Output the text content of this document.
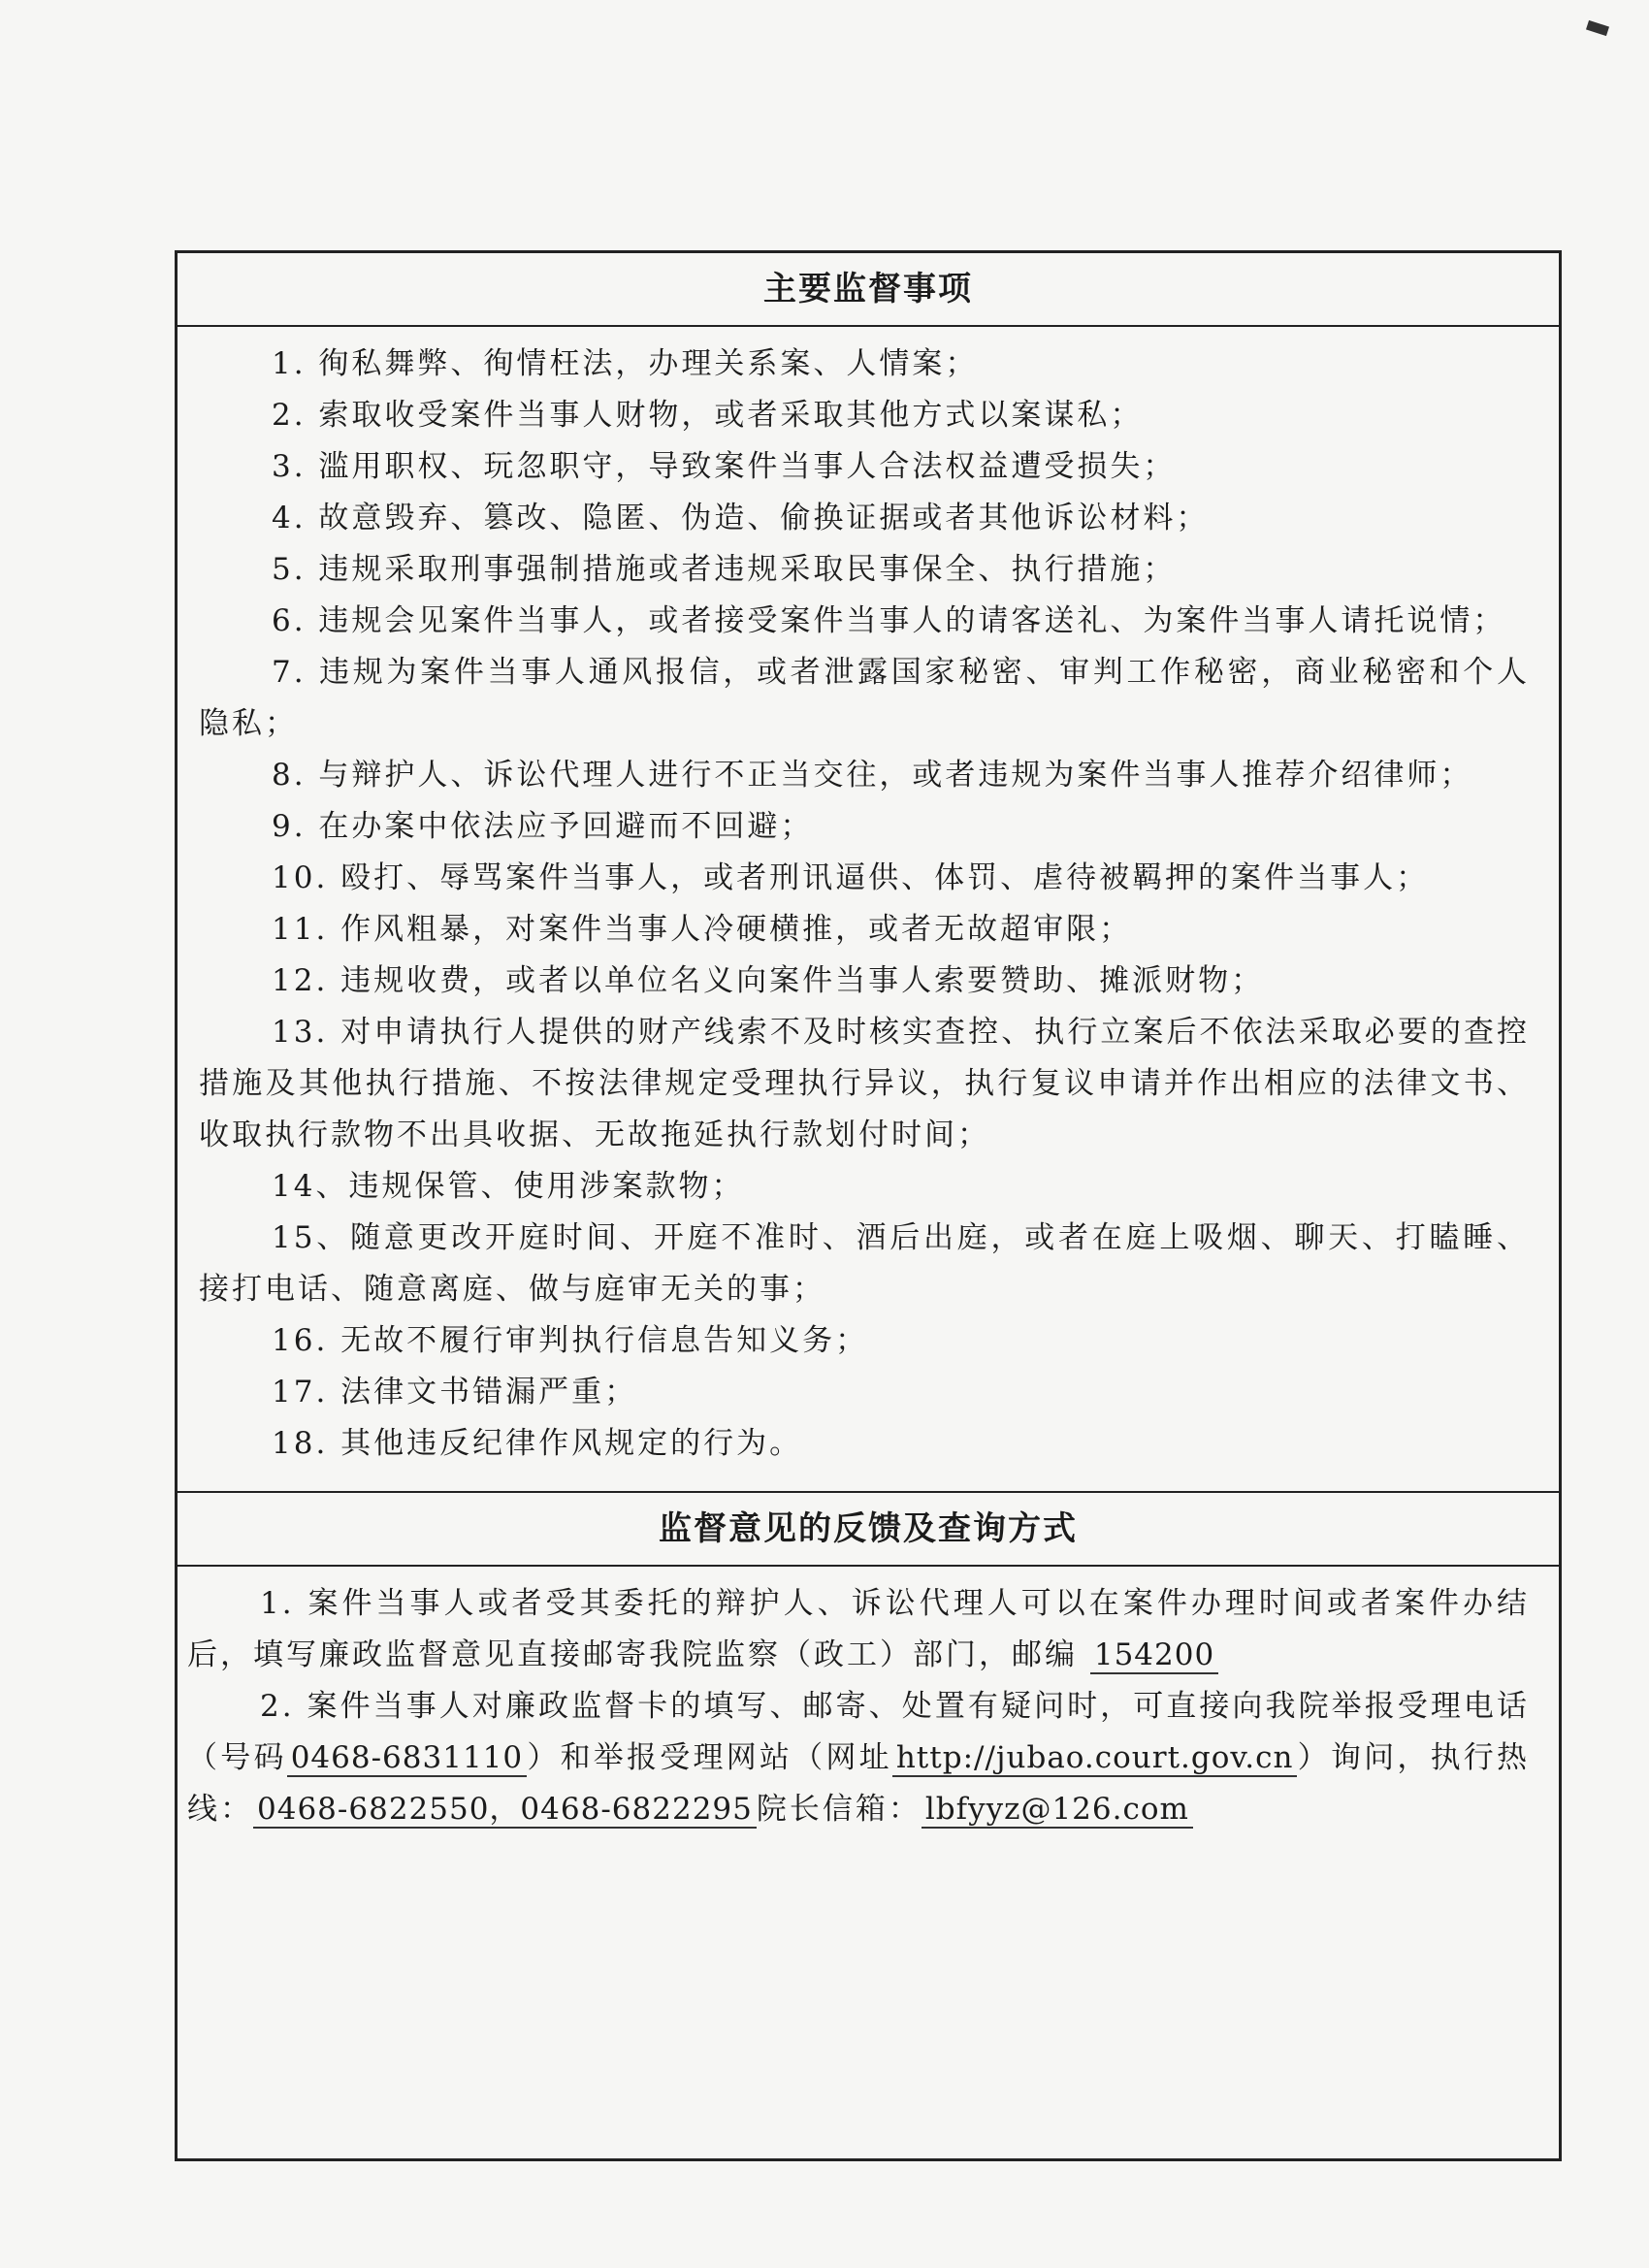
主要监督事项

1. 徇私舞弊、徇情枉法，办理关系案、人情案；

2. 索取收受案件当事人财物，或者采取其他方式以案谋私；

3. 滥用职权、玩忽职守，导致案件当事人合法权益遭受损失；

4. 故意毁弃、篡改、隐匿、伪造、偷换证据或者其他诉讼材料；

5. 违规采取刑事强制措施或者违规采取民事保全、执行措施；

6. 违规会见案件当事人，或者接受案件当事人的请客送礼、为案件当事人请托说情；

7. 违规为案件当事人通风报信，或者泄露国家秘密、审判工作秘密，商业秘密和个人隐私；

8. 与辩护人、诉讼代理人进行不正当交往，或者违规为案件当事人推荐介绍律师；

9. 在办案中依法应予回避而不回避；

10. 殴打、辱骂案件当事人，或者刑讯逼供、体罚、虐待被羁押的案件当事人；

11. 作风粗暴，对案件当事人冷硬横推，或者无故超审限；

12. 违规收费，或者以单位名义向案件当事人索要赞助、摊派财物；

13. 对申请执行人提供的财产线索不及时核实查控、执行立案后不依法采取必要的查控措施及其他执行措施、不按法律规定受理执行异议，执行复议申请并作出相应的法律文书、收取执行款物不出具收据、无故拖延执行款划付时间；

14、违规保管、使用涉案款物；

15、随意更改开庭时间、开庭不准时、酒后出庭，或者在庭上吸烟、聊天、打瞌睡、接打电话、随意离庭、做与庭审无关的事；

16. 无故不履行审判执行信息告知义务；

17. 法律文书错漏严重；

18. 其他违反纪律作风规定的行为。

监督意见的反馈及查询方式

1. 案件当事人或者受其委托的辩护人、诉讼代理人可以在案件办理时间或者案件办结后，填写廉政监督意见直接邮寄我院监察（政工）部门，邮编 154200

2. 案件当事人对廉政监督卡的填写、邮寄、处置有疑问时，可直接向我院举报受理电话（号码 0468-6831110 ）和举报受理网站（网址 http://jubao.court.gov.cn ）询问，执行热线： 0468-6822550，0468-6822295 院长信箱： lbfyyz@126.com
